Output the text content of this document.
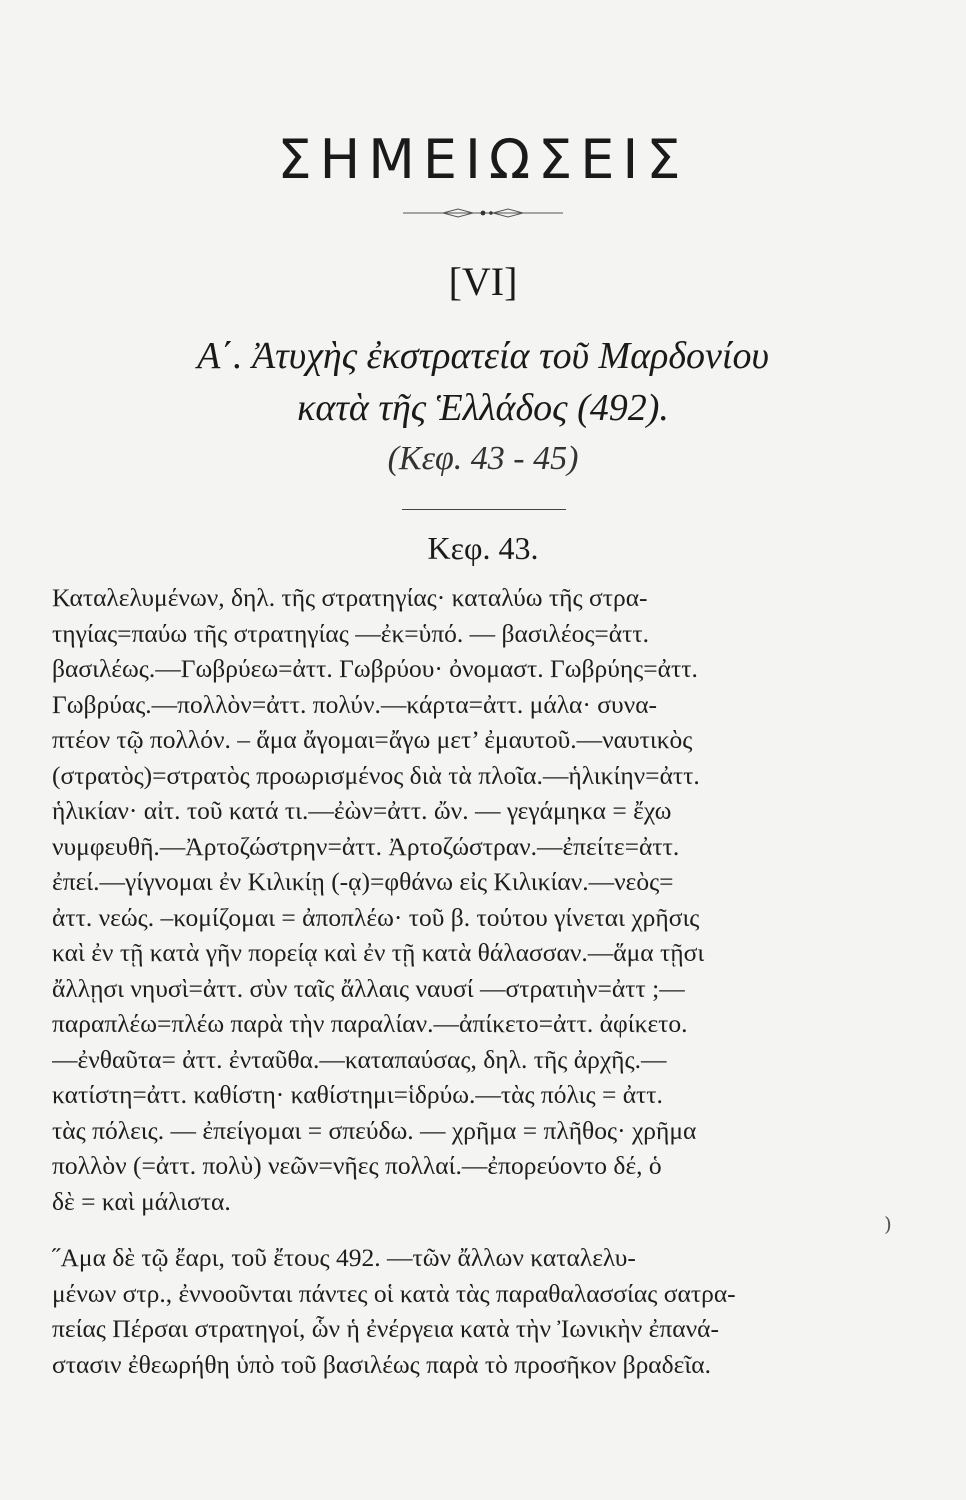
ΣΗΜΕΙΩΣΕΙΣ
[VI]
Α΄. Ἀτυχὴς ἐκστρατεία τοῦ Μαρδονίου
κατὰ τῆς Ἑλλάδος (492).
(Κεφ. 43 - 45)
Κεφ. 43.
Καταλελυμένων, δηλ. τῆς στρατηγίας· καταλύω τῆς στρα-
τηγίας=παύω τῆς στρατηγίας —ἐκ=ὑπό. — βασιλέος=ἀττ.
βασιλέως.—Γωβρύεω=ἀττ. Γωβρύου· ὀνομαστ. Γωβρύης=ἀττ.
Γωβρύας.—πολλὸν=ἀττ. πολύν.—κάρτα=ἀττ. μάλα· συνα-
πτέον τῷ πολλόν. – ἅμα ἄγομαι=ἄγω μετ’ ἐμαυτοῦ.—ναυτικὸς
(στρατὸς)=στρατὸς προωρισμένος διὰ τὰ πλοῖα.—ἡλικίην=ἀττ.
ἡλικίαν· αἰτ. τοῦ κατά τι.—ἐὼν=ἀττ. ὤν. — γεγάμηκα = ἔχω
νυμφευθῆ.—Ἀρτοζώστρην=ἀττ. Ἀρτοζώστραν.—ἐπείτε=ἀττ.
ἐπεί.—γίγνομαι ἐν Κιλικίῃ (-ᾳ)=φθάνω εἰς Κιλικίαν.—νεὸς=
ἀττ. νεώς. –κομίζομαι = ἀποπλέω· τοῦ β. τούτου γίνεται χρῆσις
καὶ ἐν τῇ κατὰ γῆν πορείᾳ καὶ ἐν τῇ κατὰ θάλασσαν.—ἅμα τῇσι
ἄλλῃσι νηυσὶ=ἀττ. σὺν ταῖς ἄλλαις ναυσί —στρατιὴν=ἀττ ;—
παραπλέω=πλέω παρὰ τὴν παραλίαν.—ἀπίκετο=ἀττ. ἀφίκετο.
—ἐνθαῦτα= ἀττ. ἐνταῦθα.—καταπαύσας, δηλ. τῆς ἀρχῆς.—
κατίστη=ἀττ. καθίστη· καθίστημι=ἱδρύω.—τὰς πόλις = ἀττ.
τὰς πόλεις. — ἐπείγομαι = σπεύδω. — χρῆμα = πλῆθος· χρῆμα
πολλὸν (=ἀττ. πολὺ) νεῶν=νῆες πολλαί.—ἐπορεύοντο δέ, ὁ
δὲ = καὶ μάλιστα.
˝Αμα δὲ τῷ ἔαρι, τοῦ ἔτους 492. —τῶν ἄλλων καταλελυ-
μένων στρ., ἐννοοῦνται πάντες οἱ κατὰ τὰς παραθαλασσίας σατρα-
πείας Πέρσαι στρατηγοί, ὧν ἡ ἐνέργεια κατὰ τὴν Ἰωνικὴν ἐπανά-
στασιν ἐθεωρήθη ὑπὸ τοῦ βασιλέως παρὰ τὸ προσῆκον βραδεῖα.
)
